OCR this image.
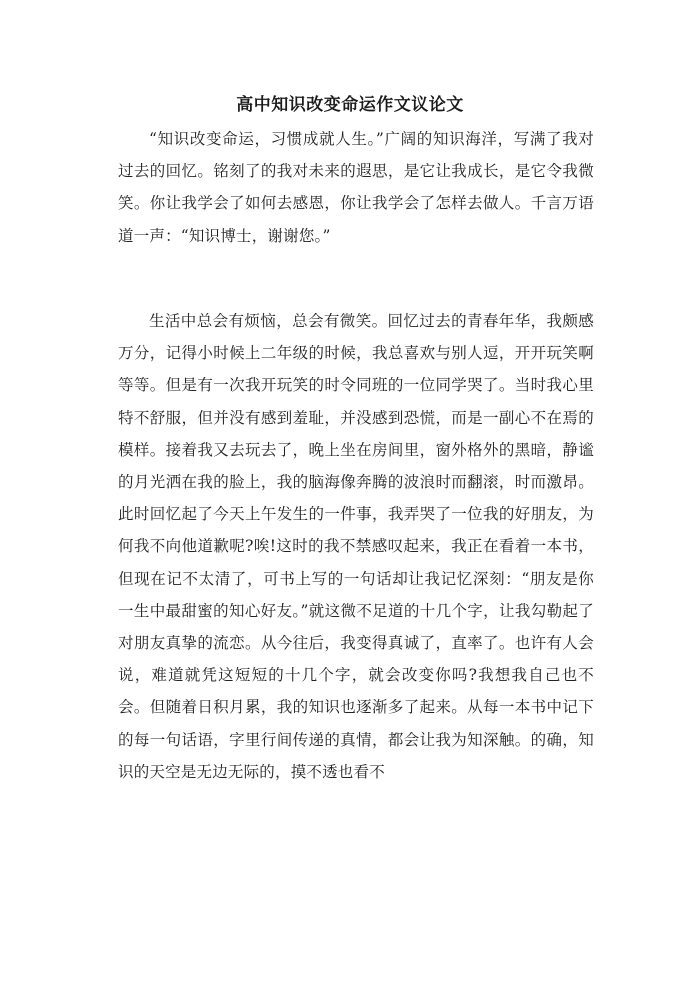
高中知识改变命运作文议论文
“知识改变命运，习惯成就人生。”广阔的知识海洋，写满了我对过去的回忆。铭刻了的我对未来的遐思，是它让我成长，是它令我微笑。你让我学会了如何去感恩，你让我学会了怎样去做人。千言万语道一声：“知识博士，谢谢您。”
生活中总会有烦恼，总会有微笑。回忆过去的青春年华，我颇感万分，记得小时候上二年级的时候，我总喜欢与别人逗，开开玩笑啊等等。但是有一次我开玩笑的时令同班的一位同学哭了。当时我心里特不舒服，但并没有感到羞耻，并没感到恐慌，而是一副心不在焉的模样。接着我又去玩去了，晚上坐在房间里，窗外格外的黑暗，静谧的月光洒在我的脸上，我的脑海像奔腾的波浪时而翻滚，时而激昂。此时回忆起了今天上午发生的一件事，我弄哭了一位我的好朋友，为何我不向他道歉呢?唉!这时的我不禁感叹起来，我正在看着一本书，但现在记不太清了，可书上写的一句话却让我记忆深刻：“朋友是你一生中最甜蜜的知心好友。”就这微不足道的十几个字，让我勾勒起了对朋友真挚的流恋。从今往后，我变得真诚了，直率了。也许有人会说，难道就凭这短短的十几个字，就会改变你吗?我想我自己也不会。但随着日积月累，我的知识也逐渐多了起来。从每一本书中记下的每一句话语，字里行间传递的真情，都会让我为知深触。的确，知识的天空是无边无际的，摸不透也看不
